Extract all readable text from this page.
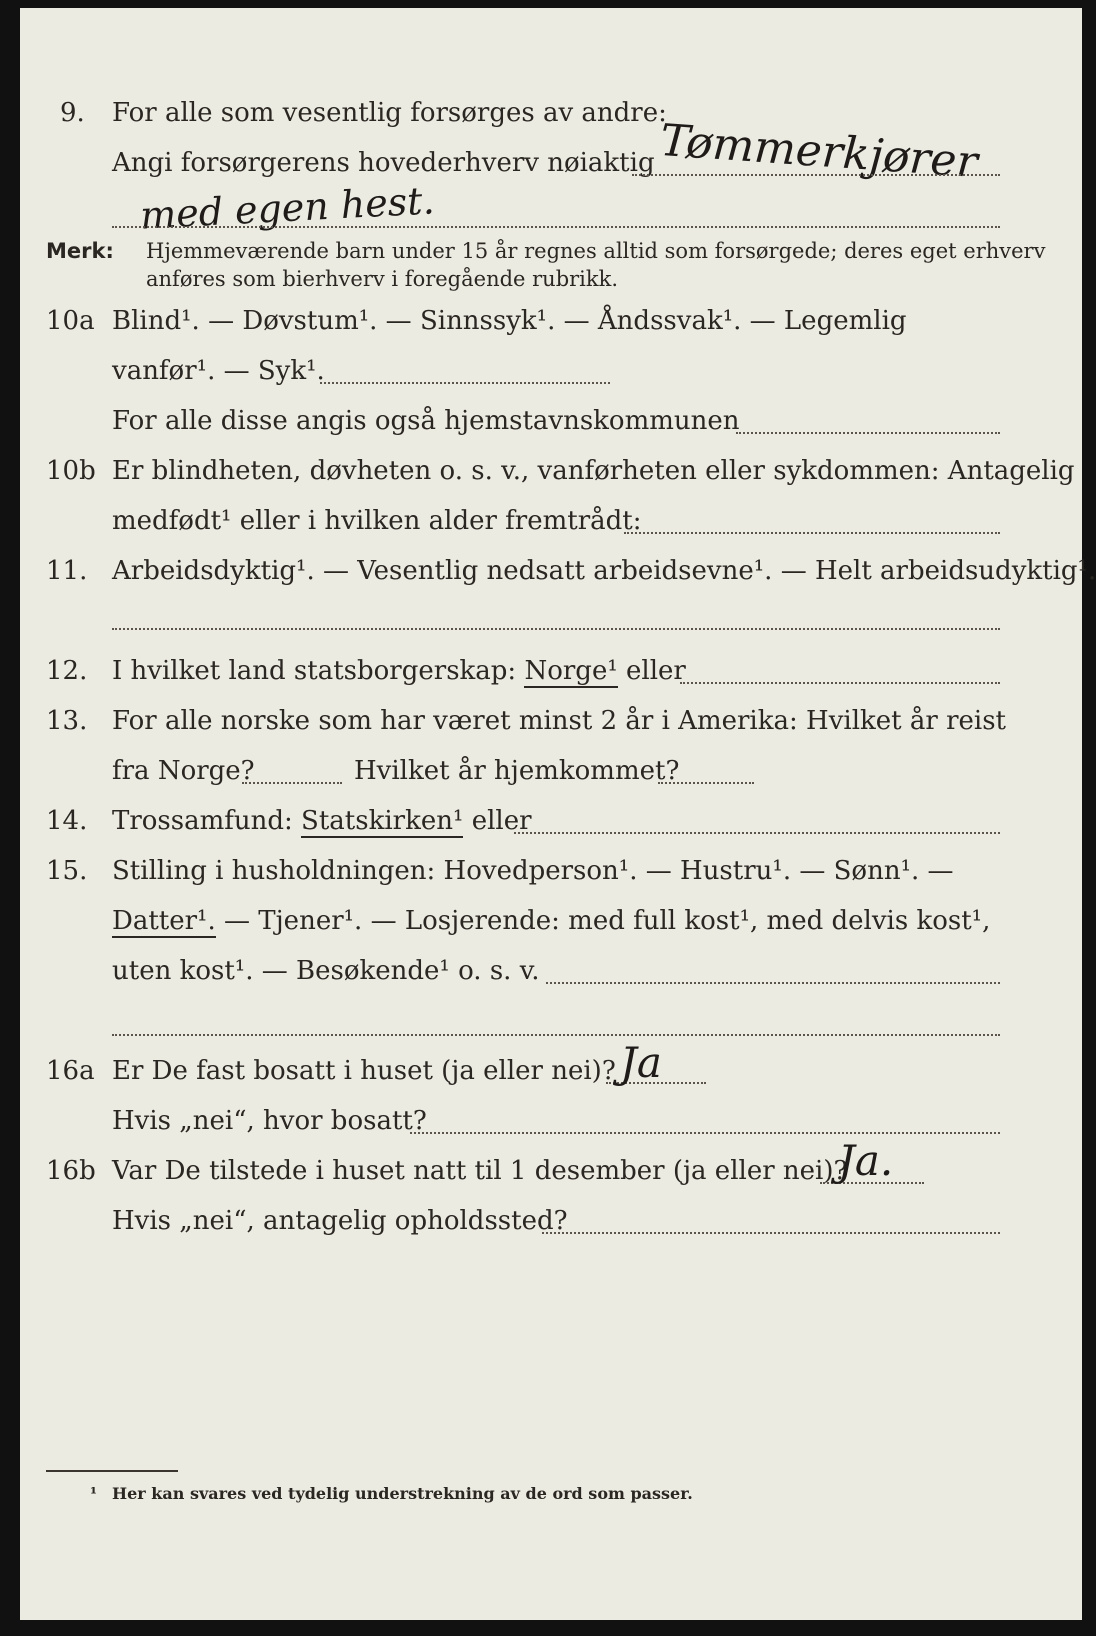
9. For alle som vesentlig forsørges av andre:
Tømmerkjører
Angi forsørgerens hovederhverv nøiaktig
med egen hest.
Merk: Hjemmeværende barn under 15 år regnes alltid som forsørgede; deres eget erhverv
anføres som bierhverv i foregående rubrikk.
10a Blind¹. — Døvstum¹. — Sinnssyk¹. — Åndssvak¹. — Legemlig
vanfør¹. — Syk¹.
For alle disse angis også hjemstavnskommunen
10b Er blindheten, døvheten o. s. v., vanførheten eller sykdommen: Antagelig
medfødt¹ eller i hvilken alder fremtrådt:
11. Arbeidsdyktig¹. — Vesentlig nedsatt arbeidsevne¹. — Helt arbeidsudyktig¹.
12. I hvilket land statsborgerskap: Norge¹ eller
13. For alle norske som har været minst 2 år i Amerika: Hvilket år reist
fra Norge?	Hvilket år hjemkommet?
14. Trossamfund: Statskirken¹ eller
15. Stilling i husholdningen: Hovedperson¹. — Hustru¹. — Sønn¹. —
Datter¹. — Tjener¹. — Losjerende: med full kost¹, med delvis kost¹,
uten kost¹. — Besøkende¹ o. s. v.
16a Er De fast bosatt i huset (ja eller nei)? Ja
Hvis „nei“, hvor bosatt?
16b Var De tilstede i huset natt til 1 desember (ja eller nei)?
Ja.
Hvis „nei“, antagelig opholdssted?
¹ Her kan svares ved tydelig understrekning av de ord som passer.
